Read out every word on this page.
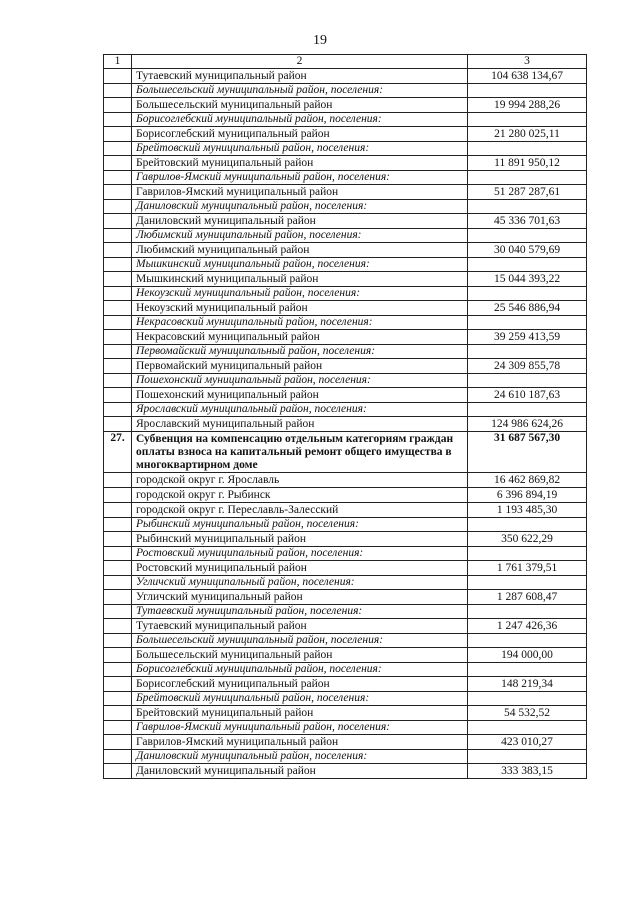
19
1	2	3
	Тутаевский муниципальный район	104 638 134,67
	Большесельский муниципальный район, поселения:	
	Большесельский муниципальный район	19 994 288,26
	Борисоглебский муниципальный район, поселения:	
	Борисоглебский муниципальный район	21 280 025,11
	Брейтовский муниципальный район, поселения:	
	Брейтовский муниципальный район	11 891 950,12
	Гаврилов-Ямский муниципальный район, поселения:	
	Гаврилов-Ямский муниципальный район	51 287 287,61
	Даниловский муниципальный район, поселения:	
	Даниловский муниципальный район	45 336 701,63
	Любимский муниципальный район, поселения:	
	Любимский муниципальный район	30 040 579,69
	Мышкинский муниципальный район, поселения:	
	Мышкинский муниципальный район	15 044 393,22
	Некоузский муниципальный район, поселения:	
	Некоузский муниципальный район	25 546 886,94
	Некрасовский муниципальный район, поселения:	
	Некрасовский муниципальный район	39 259 413,59
	Первомайский муниципальный район, поселения:	
	Первомайский муниципальный район	24 309 855,78
	Пошехонский муниципальный район, поселения:	
	Пошехонский муниципальный район	24 610 187,63
	Ярославский муниципальный район, поселения:	
	Ярославский муниципальный район	124 986 624,26
27.	Субвенция на компенсацию отдельным категориям граждан оплаты взноса на капитальный ремонт общего имущества в многоквартирном доме	31 687 567,30
	городской округ г. Ярославль	16 462 869,82
	городской округ г. Рыбинск	6 396 894,19
	городской округ г. Переславль-Залесский	1 193 485,30
	Рыбинский муниципальный район, поселения:	
	Рыбинский муниципальный район	350 622,29
	Ростовский муниципальный район, поселения:	
	Ростовский муниципальный район	1 761 379,51
	Угличский муниципальный район, поселения:	
	Угличский муниципальный район	1 287 608,47
	Тутаевский муниципальный район, поселения:	
	Тутаевский муниципальный район	1 247 426,36
	Большесельский муниципальный район, поселения:	
	Большесельский муниципальный район	194 000,00
	Борисоглебский муниципальный район, поселения:	
	Борисоглебский муниципальный район	148 219,34
	Брейтовский муниципальный район, поселения:	
	Брейтовский муниципальный район	54 532,52
	Гаврилов-Ямский муниципальный район, поселения:	
	Гаврилов-Ямский муниципальный район	423 010,27
	Даниловский муниципальный район, поселения:	
	Даниловский муниципальный район	333 383,15
